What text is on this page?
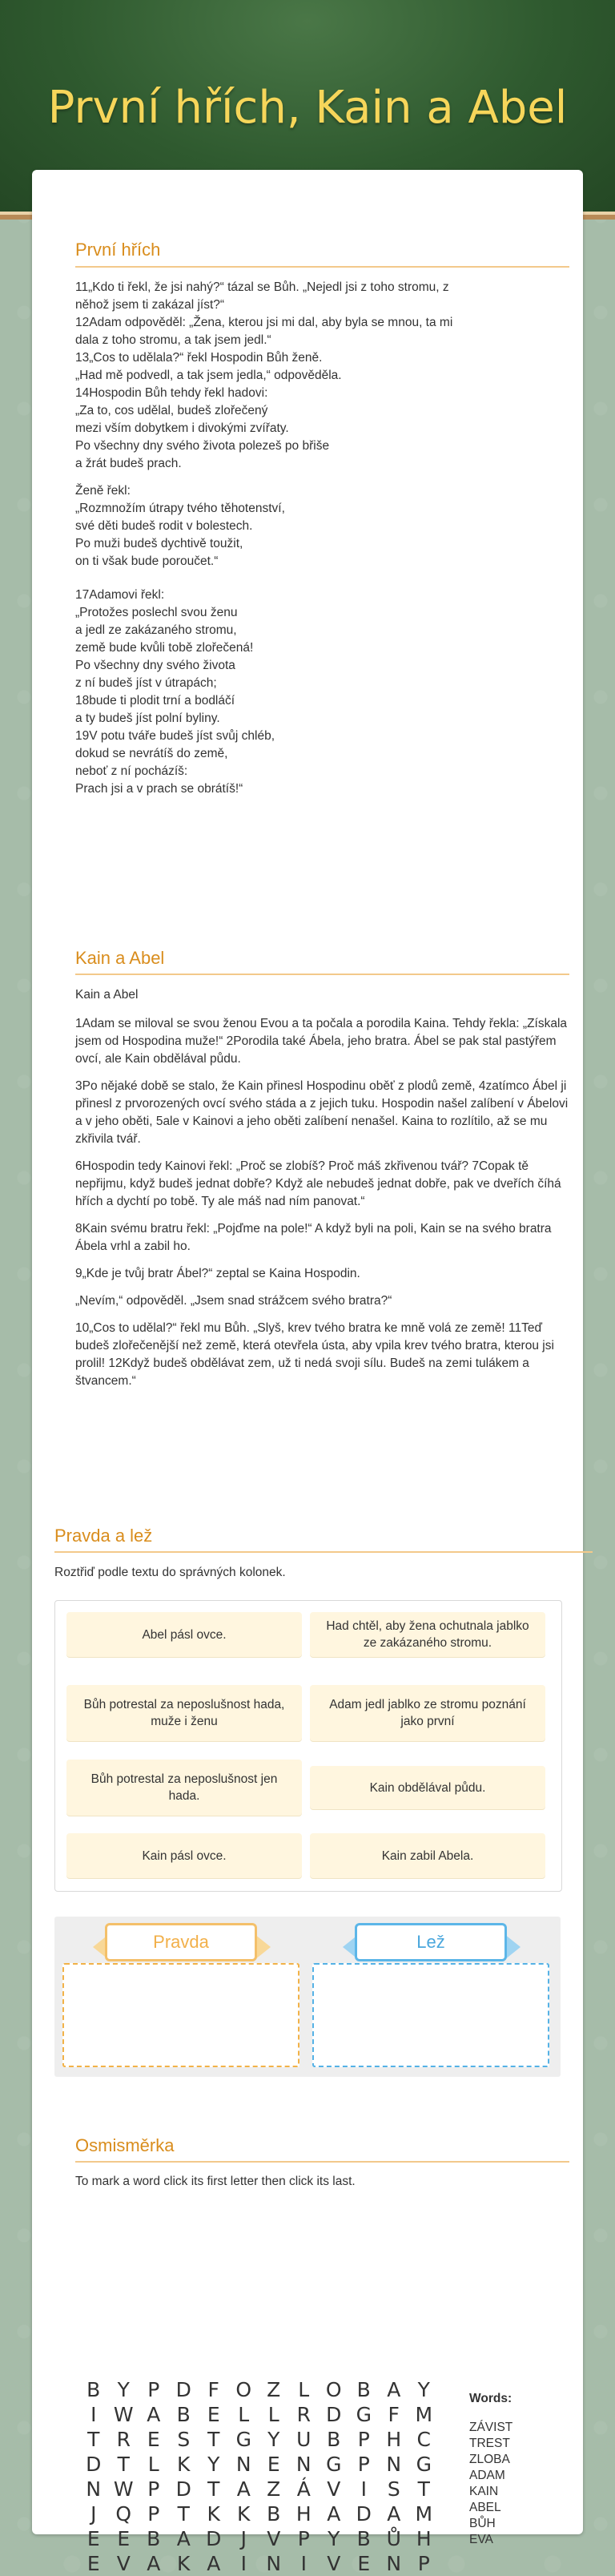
První hřích, Kain a Abel
První hřích
11„Kdo ti řekl, že jsi nahý?“ tázal se Bůh. „Nejedl jsi z toho stromu, z
něhož jsem ti zakázal jíst?“
12Adam odpověděl: „Žena, kterou jsi mi dal, aby byla se mnou, ta mi
dala z toho stromu, a tak jsem jedl.“
13„Cos to udělala?“ řekl Hospodin Bůh ženě.
„Had mě podvedl, a tak jsem jedla,“ odpověděla.
14Hospodin Bůh tehdy řekl hadovi:
„Za to, cos udělal, budeš zlořečený
mezi vším dobytkem i divokými zvířaty.
Po všechny dny svého života polezeš po břiše
a žrát budeš prach.
Ženě řekl:
„Rozmnožím útrapy tvého těhotenství,
své děti budeš rodit v bolestech.
Po muži budeš dychtivě toužit,
on ti však bude poroučet.“
17Adamovi řekl:
„Protožes poslechl svou ženu
a jedl ze zakázaného stromu,
země bude kvůli tobě zlořečená!
Po všechny dny svého života
z ní budeš jíst v útrapách;
18bude ti plodit trní a bodláčí
a ty budeš jíst polní byliny.
19V potu tváře budeš jíst svůj chléb,
dokud se nevrátíš do země,
neboť z ní pocházíš:
Prach jsi a v prach se obrátíš!“
Kain a Abel

Kain a Abel

1Adam se miloval se svou ženou Evou a ta počala a porodila Kaina. Tehdy řekla: „Získala jsem od Hospodina muže!“ 2Porodila také Ábela, jeho bratra. Ábel se pak stal pastýřem ovcí, ale Kain obdělával půdu.

3Po nějaké době se stalo, že Kain přinesl Hospodinu oběť z plodů země, 4zatímco Ábel ji přinesl z prvorozených ovcí svého stáda a z jejich tuku. Hospodin našel zalíbení v Ábelovi a v jeho oběti, 5ale v Kainovi a jeho oběti zalíbení nenašel. Kaina to rozlítilo, až se mu zkřivila tvář.

6Hospodin tedy Kainovi řekl: „Proč se zlobíš? Proč máš zkřivenou tvář? 7Copak tě nepřijmu, když budeš jednat dobře? Když ale nebudeš jednat dobře, pak ve dveřích číhá hřích a dychtí po tobě. Ty ale máš nad ním panovat.“

8Kain svému bratru řekl: „Pojďme na pole!“ A když byli na poli, Kain se na svého bratra Ábela vrhl a zabil ho.

9„Kde je tvůj bratr Ábel?“ zeptal se Kaina Hospodin.

„Nevím,“ odpověděl. „Jsem snad strážcem svého bratra?“

10„Cos to udělal?“ řekl mu Bůh. „Slyš, krev tvého bratra ke mně volá ze země! 11Teď budeš zlořečenější než země, která otevřela ústa, aby vpila krev tvého bratra, kterou jsi prolil! 12Když budeš obdělávat zem, už ti nedá svoji sílu. Budeš na zemi tulákem a štvancem.“

Pravda a lež
Roztřiď podle textu do správných kolonek.
Abel pásl ovce.
Had chtěl, aby žena ochutnala jablko ze zakázaného stromu.
Bůh potrestal za neposlušnost hada, muže i ženu
Adam jedl jablko ze stromu poznání jako první
Bůh potrestal za neposlušnost jen hada.
Kain obdělával půdu.
Kain pásl ovce.	Kain zabil Abela.
Pravda	Lež
Osmisměrka
To mark a word click its first letter then click its last.
B Y P D F O Z L O B A Y
I W A B E L L R D G F M
T R E S T G Y U B P H C
D T L K Y N E N G P N G
N W P D T A Z Á V	I	S T
J Q P T K K B H A D A M
E E B A D J	V P Y B Ů H
E V A K A	I N I	V E N P
Words:
ZÁVIST
TREST
ZLOBA
ADAM
KAIN
ABEL
BŮH
EVA
